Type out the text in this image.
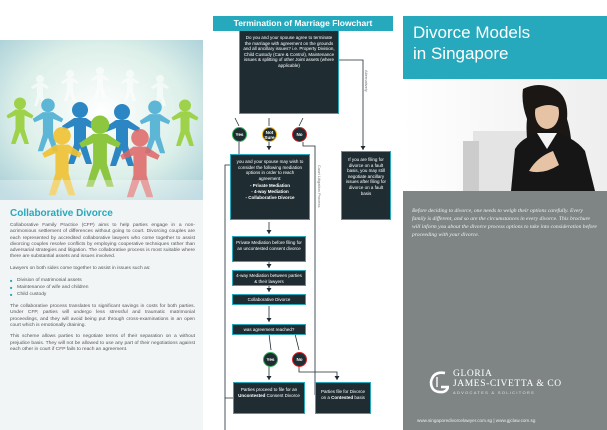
Collaborative Divorce

Collaborative Family Practice (CFP) aims to help parties engage in a non-acrimonious settlement of differences without going to court. Divorcing couples are each represented by accredited collaborative lawyers who come together to assist divorcing couples resolve conflicts by employing cooperative techniques rather than adversarial strategies and litigation. The collaborative process is most suitable where there are substantial assets and issues involved.

Lawyers on both sides come together to assist in issues such as:

■ Division of matrimonial assets
■ Maintenance of wife and children
■ Child custody

The collaborative process translates to significant savings in costs for both parties. Under CFP, parties will undergo less stressful and traumatic matrimonial proceedings, and they will avoid being put through cross-examinations in an open court which is emotionally draining.

This scheme allows parties to negotiate terms of their separation on a without prejudice basis. They will not be allowed to use any part of their negotiations against each other in court if CFP fails to reach an agreement.

Termination of Marriage Flowchart
Do you and your spouse agree to terminate the marriage with agreement on the grounds and all ancillary issues? i.e. Property Division, Child Custody (Care & Control), Maintenance issues & splitting of other Joint assets (where applicable)
Yes	Not
Sure	No
you and your spouse may wish to consider the following mediation options in order to reach agreement:
- Private Mediation
- 4-way Mediation
- Collaborative Divorce
If you are filing for divorce on a fault basis, you may still negotiate ancillary issues after filing for divorce on a fault basis
Private Mediation before filing for an uncontested consent divorce
4-way Mediation between parties & their lawyers
Collaborative Divorce
was agreement reached?
Yes	No
Parties proceed to file for an Uncontested Consent Divorce
Parties file for Divorce on a Contested basis
Alternatively
Court Litigation Process
Divorce Models
in Singapore

Before deciding to divorce, one needs to weigh their options carefully. Every family is different, and so are the circumstances in every divorce. This brochure will inform you about the divorce process options to take into consideration before proceeding with your divorce.

GLORIA
JAMES-CIVETTA & CO
ADVOCATES & SOLICITORS
www.singaporedivorcelawyer.com.sg | www.gjclaw.com.sg
